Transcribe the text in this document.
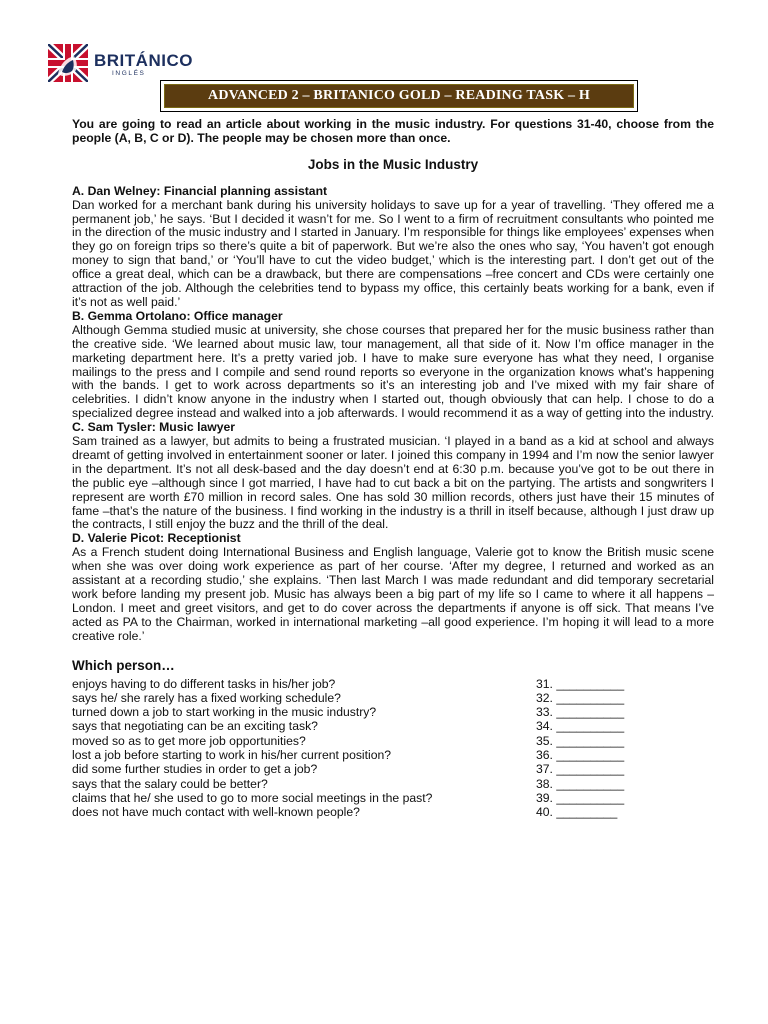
BRITÁNICO
INGLÉS
ADVANCED 2 – BRITANICO GOLD – READING TASK – H
You are going to read an article about working in the music industry. For questions 31-40, choose from the people (A, B, C or D). The people may be chosen more than once.
Jobs in the Music Industry
A. Dan Welney: Financial planning assistant
Dan worked for a merchant bank during his university holidays to save up for a year of travelling. ‘They offered me a permanent job,’ he says. ‘But I decided it wasn’t for me. So I went to a firm of recruitment consultants who pointed me in the direction of the music industry and I started in January. I’m responsible for things like employees’ expenses when they go on foreign trips so there’s quite a bit of paperwork. But we’re also the ones who say, ‘You haven’t got enough money to sign that band,’ or ‘You’ll have to cut the video budget,’ which is the interesting part. I don’t get out of the office a great deal, which can be a drawback, but there are compensations –free concert and CDs were certainly one attraction of the job. Although the celebrities tend to bypass my office, this certainly beats working for a bank, even if it’s not as well paid.’
B. Gemma Ortolano: Office manager
Although Gemma studied music at university, she chose courses that prepared her for the music business rather than the creative side. ‘We learned about music law, tour management, all that side of it. Now I’m office manager in the marketing department here. It’s a pretty varied job. I have to make sure everyone has what they need, I organise mailings to the press and I compile and send round reports so everyone in the organization knows what’s happening with the bands. I get to work across departments so it’s an interesting job and I’ve mixed with my fair share of celebrities. I didn’t know anyone in the industry when I started out, though obviously that can help. I chose to do a specialized degree instead and walked into a job afterwards. I would recommend it as a way of getting into the industry.
C. Sam Tysler: Music lawyer
Sam trained as a lawyer, but admits to being a frustrated musician. ‘I played in a band as a kid at school and always dreamt of getting involved in entertainment sooner or later. I joined this company in 1994 and I’m now the senior lawyer in the department. It’s not all desk-based and the day doesn’t end at 6:30 p.m. because you’ve got to be out there in the public eye –although since I got married, I have had to cut back a bit on the partying. The artists and songwriters I represent are worth £70 million in record sales. One has sold 30 million records, others just have their 15 minutes of fame –that’s the nature of the business. I find working in the industry is a thrill in itself because, although I just draw up the contracts, I still enjoy the buzz and the thrill of the deal.
D. Valerie Picot: Receptionist
As a French student doing International Business and English language, Valerie got to know the British music scene when she was over doing work experience as part of her course. ‘After my degree, I returned and worked as an assistant at a recording studio,’ she explains. ‘Then last March I was made redundant and did temporary secretarial work before landing my present job. Music has always been a big part of my life so I came to where it all happens –London. I meet and greet visitors, and get to do cover across the departments if anyone is off sick. That means I’ve acted as PA to the Chairman, worked in international marketing –all good experience. I’m hoping it will lead to a more creative role.’
Which person…
enjoys having to do different tasks in his/her job?	31. __________
says he/ she rarely has a fixed working schedule?	32. __________
turned down a job to start working in the music industry?	33. __________
says that negotiating can be an exciting task?	34. __________
moved so as to get more job opportunities?	35. __________
lost a job before starting to work in his/her current position?	36. __________
did some further studies in order to get a job?	37. __________
says that the salary could be better?	38. __________
claims that he/ she used to go to more social meetings in the past?	39. __________
does not have much contact with well-known people?	40. _________
